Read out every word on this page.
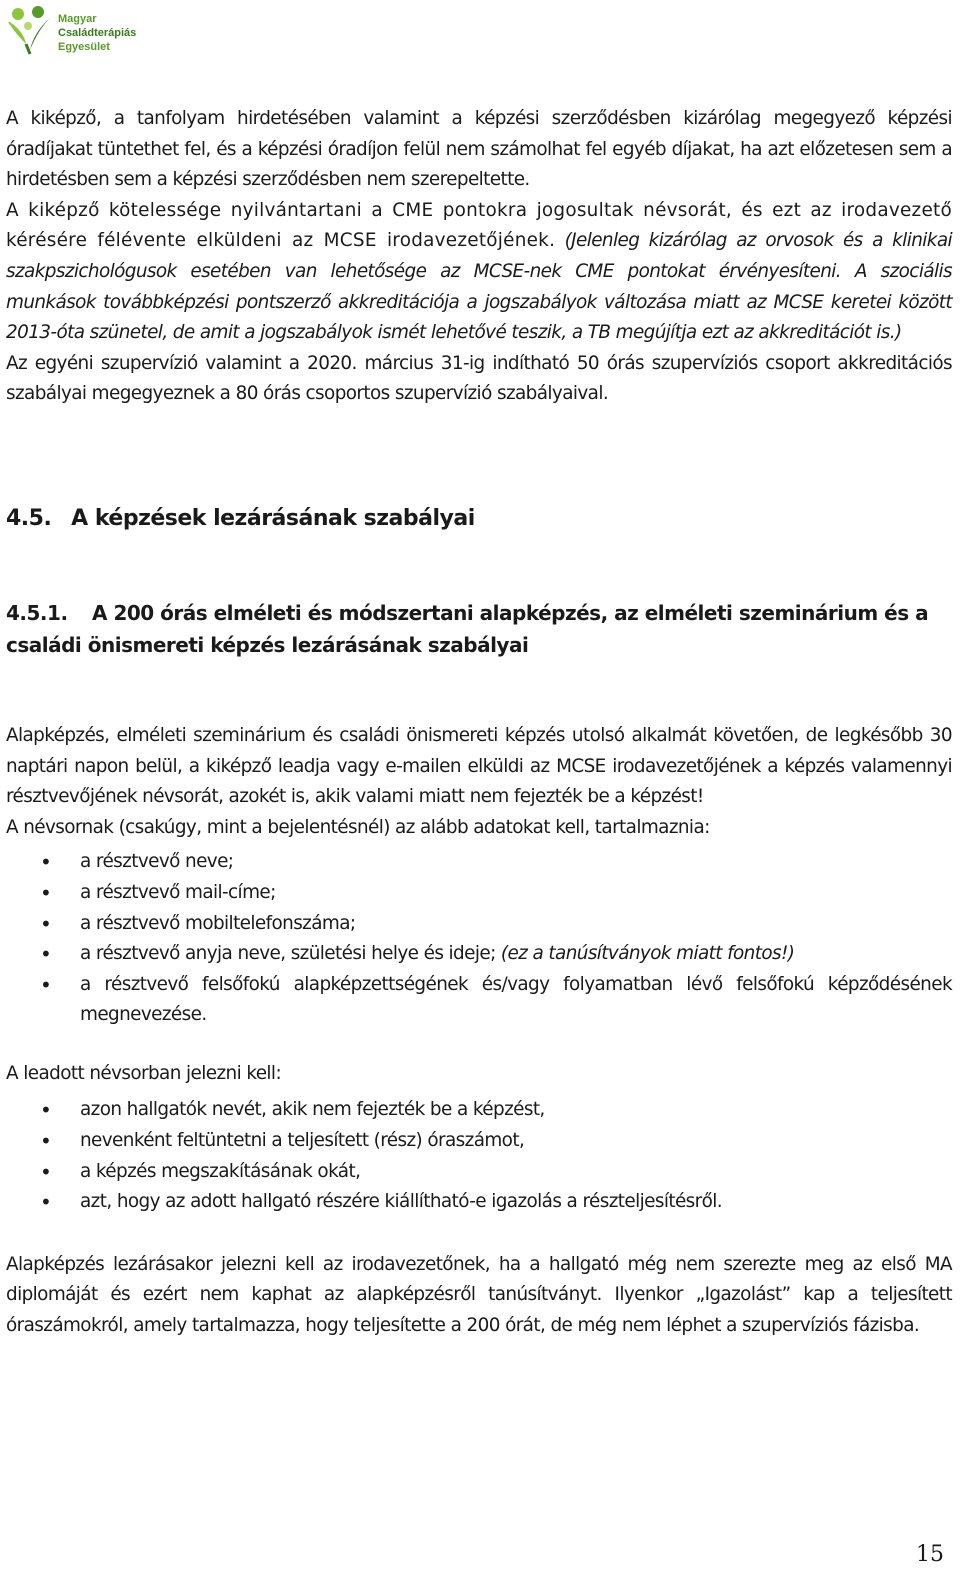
Magyar
Családterápiás
Egyesület

A kiképző, a tanfolyam hirdetésében valamint a képzési szerződésben kizárólag megegyező képzési óradíjakat tüntethet fel, és a képzési óradíjon felül nem számolhat fel egyéb díjakat, ha azt előzetesen sem a hirdetésben sem a képzési szerződésben nem szerepeltette.

A kiképző kötelessége nyilvántartani a CME pontokra jogosultak névsorát, és ezt az irodavezető kérésére félévente elküldeni az MCSE irodavezetőjének. (Jelenleg kizárólag az orvosok és a klinikai szakpszichológusok esetében van lehetősége az MCSE-nek CME pontokat érvényesíteni. A szociális munkások továbbképzési pontszerző akkreditációja a jogszabályok változása miatt az MCSE keretei között 2013-óta szünetel, de amit a jogszabályok ismét lehetővé teszik, a TB megújítja ezt az akkreditációt is.)

Az egyéni szupervízió valamint a 2020. március 31-ig indítható 50 órás szupervíziós csoport akkreditációs szabályai megegyeznek a 80 órás csoportos szupervízió szabályaival.

4.5. A képzések lezárásának szabályai
4.5.1. A 200 órás elméleti és módszertani alapképzés, az elméleti szeminárium és a családi önismereti képzés lezárásának szabályai

Alapképzés, elméleti szeminárium és családi önismereti képzés utolsó alkalmát követően, de legkésőbb 30 naptári napon belül, a kiképző leadja vagy e-mailen elküldi az MCSE irodavezetőjének a képzés valamennyi résztvevőjének névsorát, azokét is, akik valami miatt nem fejezték be a képzést!

A névsornak (csakúgy, mint a bejelentésnél) az alább adatokat kell, tartalmaznia:

• a résztvevő neve;
• a résztvevő mail-címe;
• a résztvevő mobiltelefonszáma;
• a résztvevő anyja neve, születési helye és ideje; (ez a tanúsítványok miatt fontos!)
• a résztvevő felsőfokú alapképzettségének és/vagy folyamatban lévő felsőfokú képződésének megnevezése.

A leadott névsorban jelezni kell:

• azon hallgatók nevét, akik nem fejezték be a képzést,
• nevenként feltüntetni a teljesített (rész) óraszámot,
• a képzés megszakításának okát,
• azt, hogy az adott hallgató részére kiállítható-e igazolás a részteljesítésről.

Alapképzés lezárásakor jelezni kell az irodavezetőnek, ha a hallgató még nem szerezte meg az első MA diplomáját és ezért nem kaphat az alapképzésről tanúsítványt. Ilyenkor „Igazolást” kap a teljesített óraszámokról, amely tartalmazza, hogy teljesítette a 200 órát, de még nem léphet a szupervíziós fázisba.

15
